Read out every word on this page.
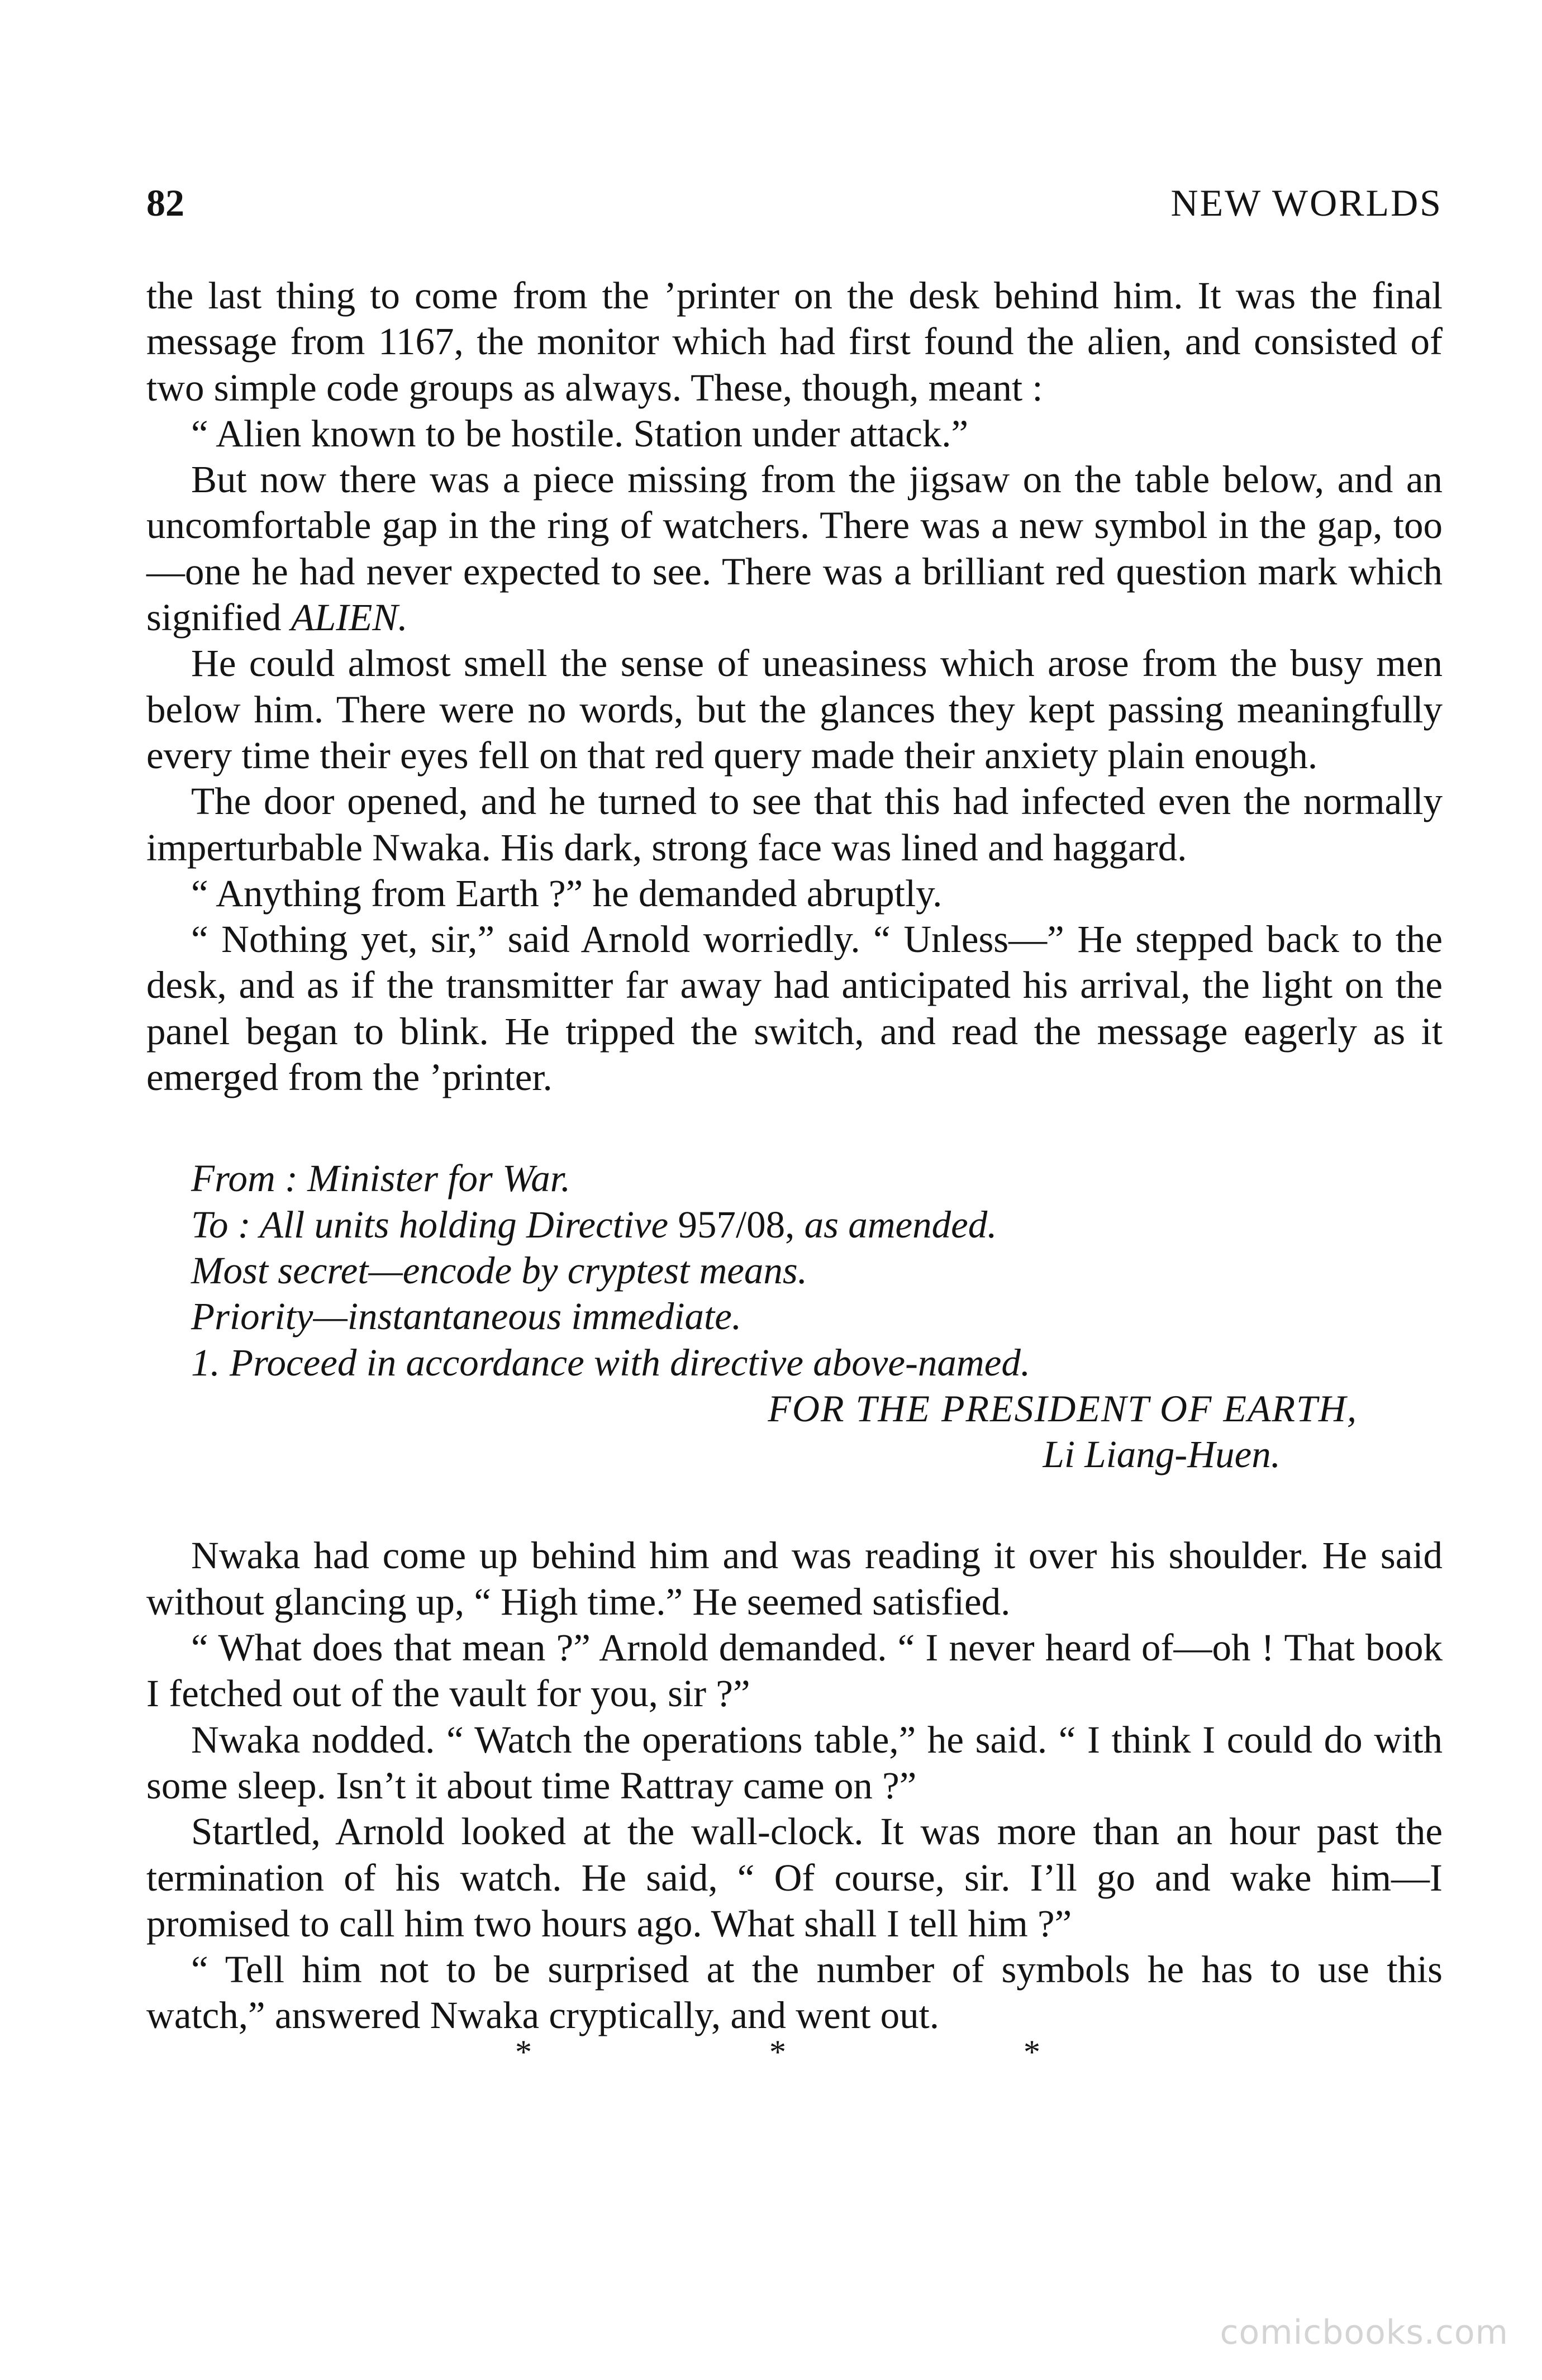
82	NEW WORLDS

the last thing to come from the ’printer on the desk behind him. It was the final message from 1167, the monitor which had first found the alien, and consisted of two simple code groups as always. These, though, meant :

“ Alien known to be hostile. Station under attack.”

But now there was a piece missing from the jigsaw on the table below, and an uncomfortable gap in the ring of watchers. There was a new symbol in the gap, too—one he had never expected to see. There was a brilliant red question mark which signified ALIEN.

He could almost smell the sense of uneasiness which arose from the busy men below him. There were no words, but the glances they kept passing meaningfully every time their eyes fell on that red query made their anxiety plain enough.

The door opened, and he turned to see that this had infected even the normally imperturbable Nwaka. His dark, strong face was lined and haggard.

“ Anything from Earth ?” he demanded abruptly.

“ Nothing yet, sir,” said Arnold worriedly. “ Unless—” He stepped back to the desk, and as if the transmitter far away had anticipated his arrival, the light on the panel began to blink. He tripped the switch, and read the message eagerly as it emerged from the ’printer.

From : Minister for War.
To : All units holding Directive 957/08, as amended.
Most secret—encode by cryptest means.
Priority—instantaneous immediate.
1. Proceed in accordance with directive above-named.
FOR THE PRESIDENT OF EARTH,
Li Liang-Huen.

Nwaka had come up behind him and was reading it over his shoulder. He said without glancing up, “ High time.” He seemed satisfied.

“ What does that mean ?” Arnold demanded. “ I never heard of—oh ! That book I fetched out of the vault for you, sir ?”

Nwaka nodded. “ Watch the operations table,” he said. “ I think I could do with some sleep. Isn’t it about time Rattray came on ?”

Startled, Arnold looked at the wall-clock. It was more than an hour past the termination of his watch. He said, “ Of course, sir. I’ll go and wake him—I promised to call him two hours ago. What shall I tell him ?”

“ Tell him not to be surprised at the number of symbols he has to use this watch,” answered Nwaka cryptically, and went out.

*	*	*
comicbooks.com
